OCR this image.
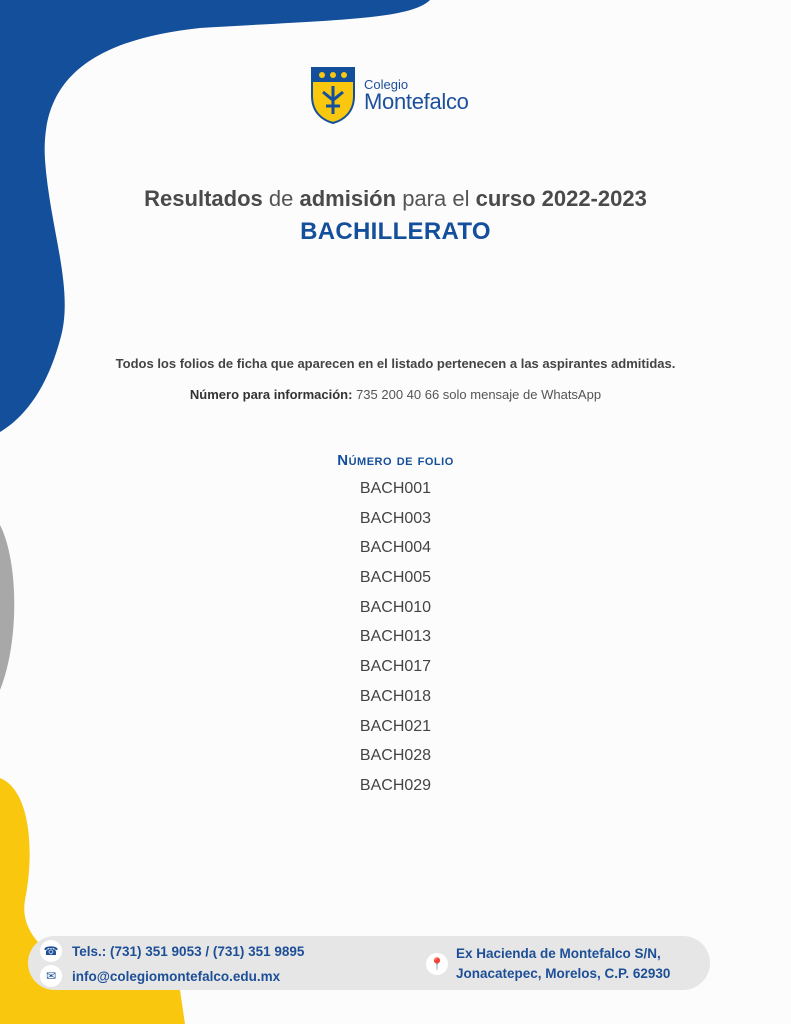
Colegio
Montefalco
Resultados de admisión para el curso 2022-2023
BACHILLERATO
Todos los folios de ficha que aparecen en el listado pertenecen a las aspirantes admitidas.
Número para información: 735 200 40 66 solo mensaje de WhatsApp
Número de folio
BACH001
BACH003
BACH004
BACH005
BACH010
BACH013
BACH017
BACH018
BACH021
BACH028
BACH029
☎ Tels.: (731) 351 9053 / (731) 351 9895
✉	info@colegiomontefalco.edu.mx
📍
Ex Hacienda de Montefalco S/N,
Jonacatepec, Morelos, C.P. 62930
